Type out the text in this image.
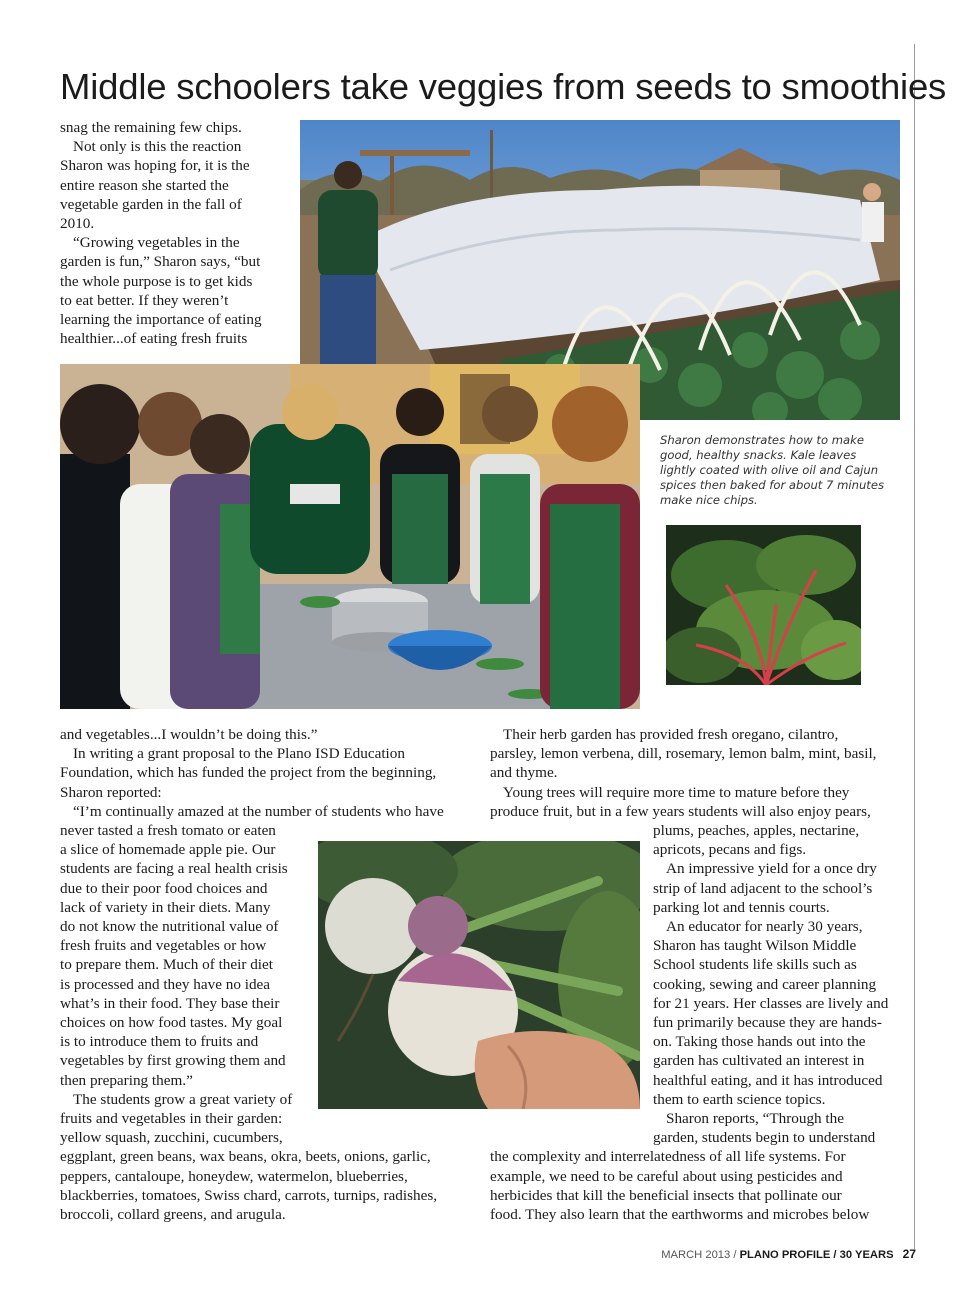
Middle schoolers take veggies from seeds to smoothies
snag the remaining few chips.
Not only is this the reaction
Sharon was hoping for, it is the
entire reason she started the
vegetable garden in the fall of
2010.
“Growing vegetables in the
garden is fun,” Sharon says, “but
the whole purpose is to get kids
to eat better. If they weren’t
learning the importance of eating
healthier...of eating fresh fruits
Sharon demonstrates how to make good, healthy snacks. Kale leaves lightly coated with olive oil and Cajun spices then baked for about 7 minutes make nice chips.
and vegetables...I wouldn’t be doing this.”
In writing a grant proposal to the Plano ISD Education
Foundation, which has funded the project from the beginning,
Sharon reported:
“I’m continually amazed at the number of students who have
never tasted a fresh tomato or eaten
a slice of homemade apple pie. Our
students are facing a real health crisis
due to their poor food choices and
lack of variety in their diets. Many
do not know the nutritional value of
fresh fruits and vegetables or how
to prepare them. Much of their diet
is processed and they have no idea
what’s in their food. They base their
choices on how food tastes. My goal
is to introduce them to fruits and
vegetables by first growing them and
then preparing them.”
The students grow a great variety of
fruits and vegetables in their garden:
yellow squash, zucchini, cucumbers,
eggplant, green beans, wax beans, okra, beets, onions, garlic,
peppers, cantaloupe, honeydew, watermelon, blueberries,
blackberries, tomatoes, Swiss chard, carrots, turnips, radishes,
broccoli, collard greens, and arugula.
Their herb garden has provided fresh oregano, cilantro,
parsley, lemon verbena, dill, rosemary, lemon balm, mint, basil,
and thyme.
Young trees will require more time to mature before they
produce fruit, but in a few years students will also enjoy pears,
plums, peaches, apples, nectarine,
apricots, pecans and figs.
An impressive yield for a once dry
strip of land adjacent to the school’s
parking lot and tennis courts.
An educator for nearly 30 years,
Sharon has taught Wilson Middle
School students life skills such as
cooking, sewing and career planning
for 21 years. Her classes are lively and
fun primarily because they are hands-
on. Taking those hands out into the
garden has cultivated an interest in
healthful eating, and it has introduced
them to earth science topics.
Sharon reports, “Through the
garden, students begin to understand
the complexity and interrelatedness of all life systems. For
example, we need to be careful about using pesticides and
herbicides that kill the beneficial insects that pollinate our
food. They also learn that the earthworms and microbes below
MARCH 2013 / PLANO PROFILE / 30 YEARS 27
